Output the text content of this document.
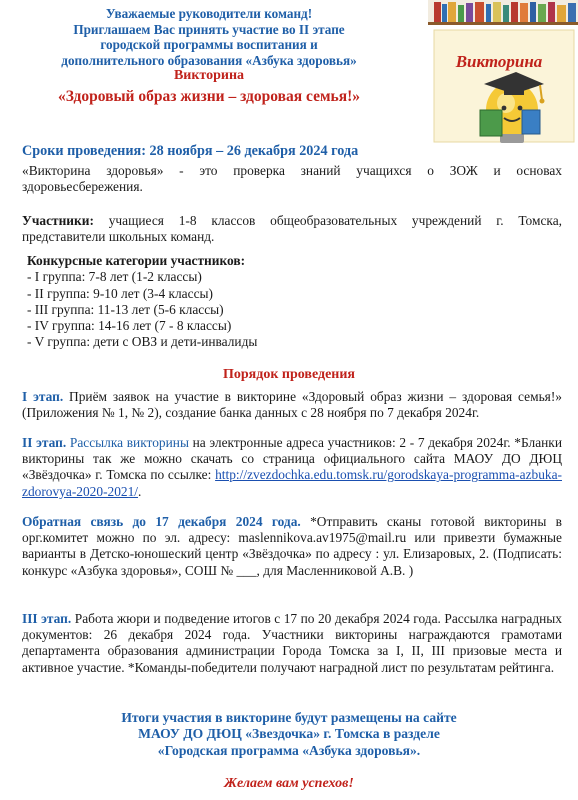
Уважаемые руководители команд!
Приглашаем Вас принять участие во II этапе
городской программы воспитания и
дополнительного образования «Азбука здоровья»
Викторина
«Здоровый образ жизни – здоровая семья!»
Викторина
Сроки проведения: 28 ноября – 26 декабря 2024 года
«Викторина здоровья» - это проверка знаний учащихся о ЗОЖ и основах здоровьесбережения.
Участники: учащиеся 1-8 классов общеобразовательных учреждений г. Томска, представители школьных команд.
Конкурсные категории участников:
- I группа: 7-8 лет (1-2 классы)
- II группа: 9-10 лет (3-4 классы)
- III группа: 11-13 лет (5-6 классы)
- IV группа: 14-16 лет (7 - 8 классы)
- V группа: дети с ОВЗ и дети-инвалиды
Порядок проведения
I этап. Приём заявок на участие в викторине «Здоровый образ жизни – здоровая семья!» (Приложения № 1, № 2), создание банка данных с 28 ноября по 7 декабря 2024г.
II этап. Рассылка викторины на электронные адреса участников: 2 - 7 декабря 2024г. *Бланки викторины так же можно скачать со страница официального сайта МАОУ ДО ДЮЦ «Звёздочка» г. Томска по ссылке: http://zvezdochka.edu.tomsk.ru/gorodskaya-programma-azbuka-zdorovya-2020-2021/.
Обратная связь до 17 декабря 2024 года. *Отправить сканы готовой викторины в орг.комитет можно по эл. адресу: maslennikova.av1975@mail.ru или привезти бумажные варианты в Детско-юношеский центр «Звёздочка» по адресу : ул. Елизаровых, 2. (Подписать: конкурс «Азбука здоровья», СОШ № ___, для Масленниковой А.В. )
III этап. Работа жюри и подведение итогов с 17 по 20 декабря 2024 года. Рассылка наградных документов: 26 декабря 2024 года. Участники викторины награждаются грамотами департамента образования администрации Города Томска за I, II, III призовые места и активное участие. *Команды-победители получают наградной лист по результатам рейтинга.
Итоги участия в викторине будут размещены на сайте
МАОУ ДО ДЮЦ «Звездочка» г. Томска в разделе
«Городская программа «Азбука здоровья».
Желаем вам успехов!
